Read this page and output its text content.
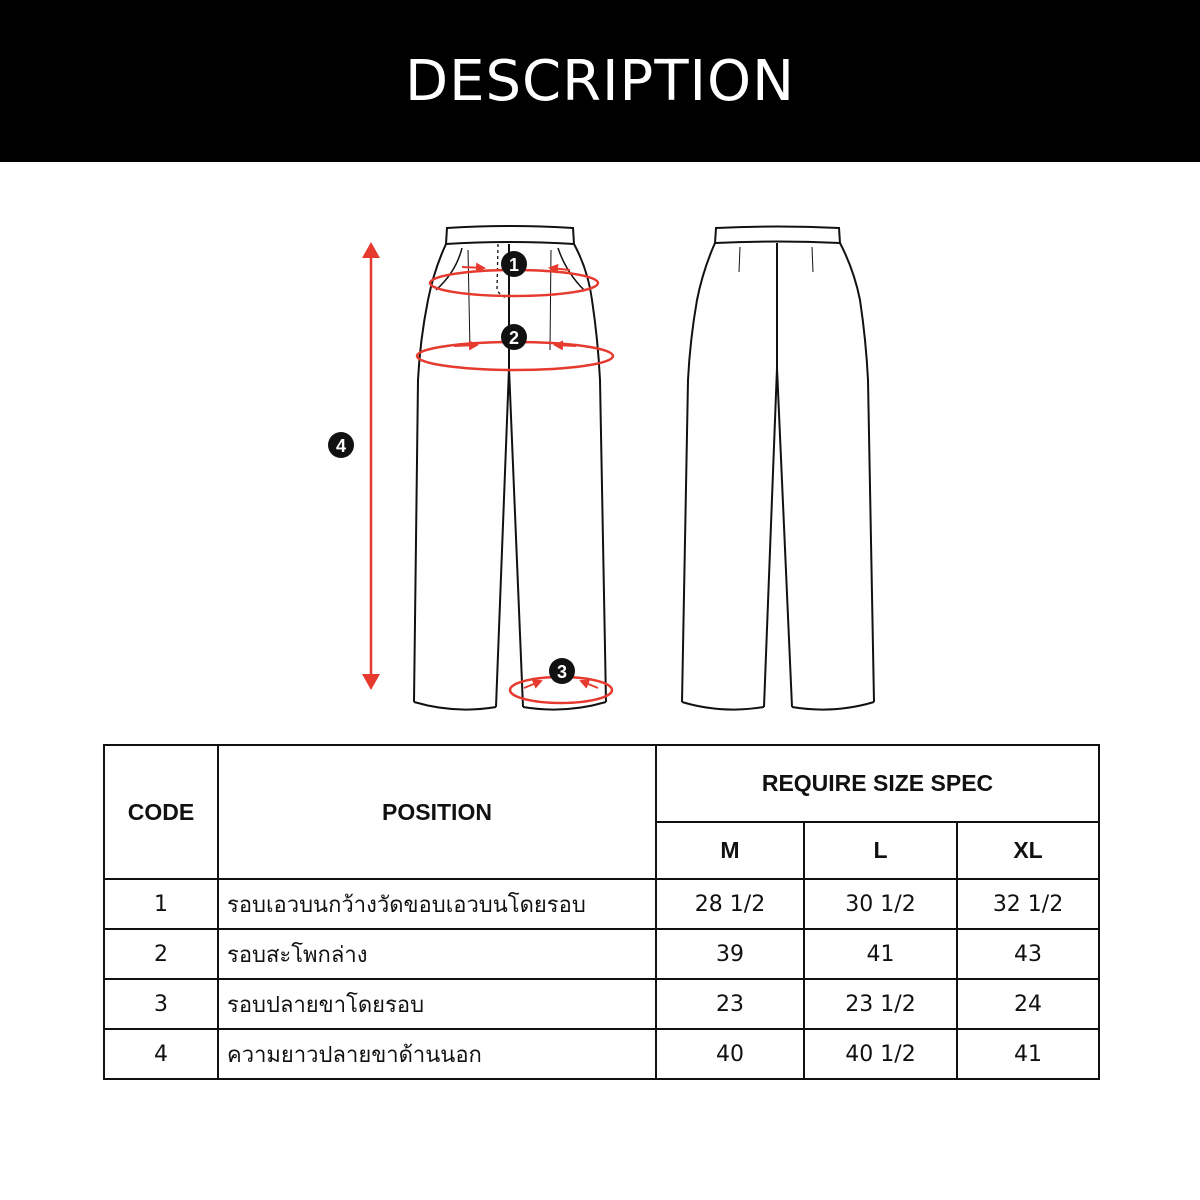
DESCRIPTION
1
2
3
4
CODE	POSITION	REQUIRE SIZE SPEC		
		M	L	XL
1	รอบเอวบนกว้างวัดขอบเอวบนโดยรอบ	28 1/2	30 1/2	32 1/2
2	รอบสะโพกล่าง	39	41	43
3	รอบปลายขาโดยรอบ	23	23 1/2	24
4	ความยาวปลายขาด้านนอก	40	40 1/2	41
